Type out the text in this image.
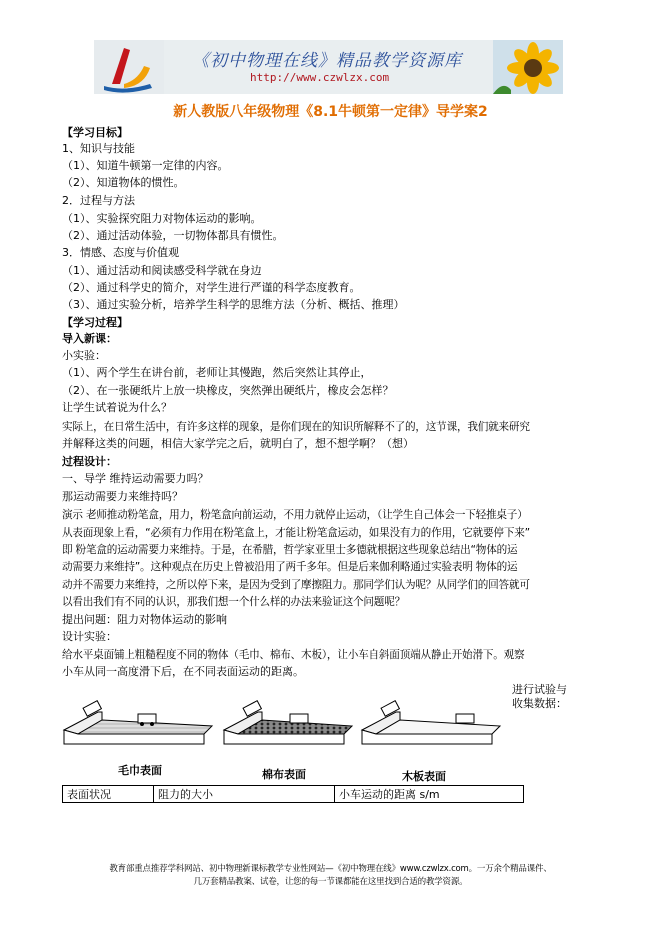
《初中物理在线》精品教学资源库
http://www.czwlzx.com
新人教版八年级物理《8.1牛顿第一定律》导学案2
【学习目标】
1、知识与技能
（1）、知道牛顿第一定律的内容。
（2）、知道物体的惯性。
2．过程与方法
（1）、实验探究阻力对物体运动的影响。
（2）、通过活动体验，一切物体都具有惯性。
3．情感、态度与价值观
（1）、通过活动和阅读感受科学就在身边
（2）、通过科学史的简介，对学生进行严谨的科学态度教育。
（3）、通过实验分析，培养学生科学的思维方法（分析、概括、推理）
【学习过程】
导入新课：
小实验：
（1）、两个学生在讲台前，老师让其慢跑，然后突然让其停止，
（2）、在一张硬纸片上放一块橡皮，突然弹出硬纸片，橡皮会怎样？
让学生试着说为什么？
实际上，在日常生活中，有许多这样的现象，是你们现在的知识所解释不了的，这节课，我们就来研究
并解释这类的问题，相信大家学完之后，就明白了，想不想学啊？（想）
过程设计：
一、导学 维持运动需要力吗？
那运动需要力来维持吗？
演示 老师推动粉笔盒，用力，粉笔盒向前运动，不用力就停止运动，（让学生自己体会一下轻推桌子）
从表面现象上看，“必须有力作用在粉笔盒上，才能让粉笔盒运动，如果没有力的作用，它就要停下来”
即 粉笔盒的运动需要力来维持。于是，在希腊，哲学家亚里士多德就根据这些现象总结出“物体的运
动需要力来维持”。这种观点在历史上曾被沿用了两千多年。但是后来伽利略通过实验表明 物体的运
动并不需要力来维持，之所以停下来，是因为受到了摩擦阻力。那同学们认为呢？从同学们的回答就可
以看出我们有不同的认识，那我们想一个什么样的办法来验证这个问题呢？
提出问题：阻力对物体运动的影响
设计实验：
给水平桌面铺上粗糙程度不同的物体（毛巾、棉布、木板），让小车自斜面顶端从静止开始滑下。观察
小车从同一高度滑下后，在不同表面运动的距离。
进行试验与
收集数据：
毛巾表面	棉布表面	木板表面
表面状况	阻力的大小	小车运动的距离 s/m
教育部重点推荐学科网站、初中物理新课标教学专业性网站—《初中物理在线》www.czwlzx.com。一万余个精品课件、
几万套精品教案、试卷，让您的每一节课都能在这里找到合适的教学资源。
